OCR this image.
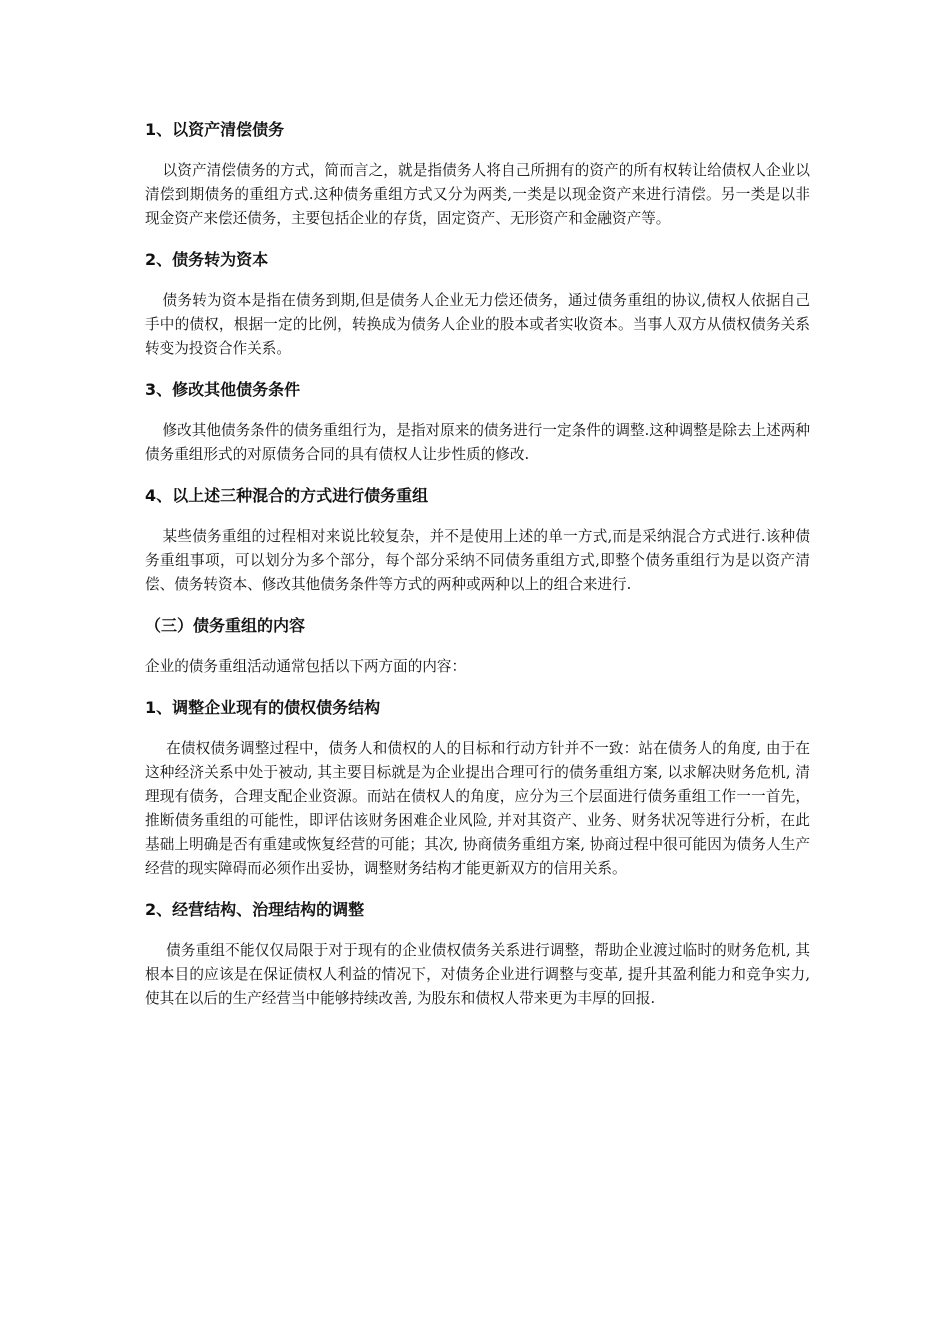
1、以资产清偿债务

以资产清偿债务的方式，简而言之，就是指债务人将自己所拥有的资产的所有权转让给债权人企业以清偿到期债务的重组方式.这种债务重组方式又分为两类,一类是以现金资产来进行清偿。另一类是以非现金资产来偿还债务，主要包括企业的存货，固定资产、无形资产和金融资产等。

2、债务转为资本

债务转为资本是指在债务到期,但是债务人企业无力偿还债务，通过债务重组的协议,债权人依据自己手中的债权，根据一定的比例，转换成为债务人企业的股本或者实收资本。当事人双方从债权债务关系转变为投资合作关系。

3、修改其他债务条件

修改其他债务条件的债务重组行为，是指对原来的债务进行一定条件的调整.这种调整是除去上述两种债务重组形式的对原债务合同的具有债权人让步性质的修改.

4、以上述三种混合的方式进行债务重组

某些债务重组的过程相对来说比较复杂，并不是使用上述的单一方式,而是采纳混合方式进行.该种债务重组事项，可以划分为多个部分，每个部分采纳不同债务重组方式,即整个债务重组行为是以资产清偿、债务转资本、修改其他债务条件等方式的两种或两种以上的组合来进行.

（三）债务重组的内容

企业的债务重组活动通常包括以下两方面的内容：

1、调整企业现有的债权债务结构

在债权债务调整过程中，债务人和债权的人的目标和行动方针并不一致：站在债务人的角度, 由于在这种经济关系中处于被动, 其主要目标就是为企业提出合理可行的债务重组方案, 以求解决财务危机, 清理现有债务，合理支配企业资源。而站在债权人的角度，应分为三个层面进行债务重组工作一一首先，推断债务重组的可能性，即评估该财务困难企业风险, 并对其资产、业务、财务状况等进行分析，在此基础上明确是否有重建或恢复经营的可能；其次, 协商债务重组方案, 协商过程中很可能因为债务人生产经营的现实障碍而必须作出妥协，调整财务结构才能更新双方的信用关系。

2、经营结构、治理结构的调整

债务重组不能仅仅局限于对于现有的企业债权债务关系进行调整，帮助企业渡过临时的财务危机, 其根本目的应该是在保证债权人利益的情况下，对债务企业进行调整与变革, 提升其盈利能力和竞争实力, 使其在以后的生产经营当中能够持续改善, 为股东和债权人带来更为丰厚的回报.
